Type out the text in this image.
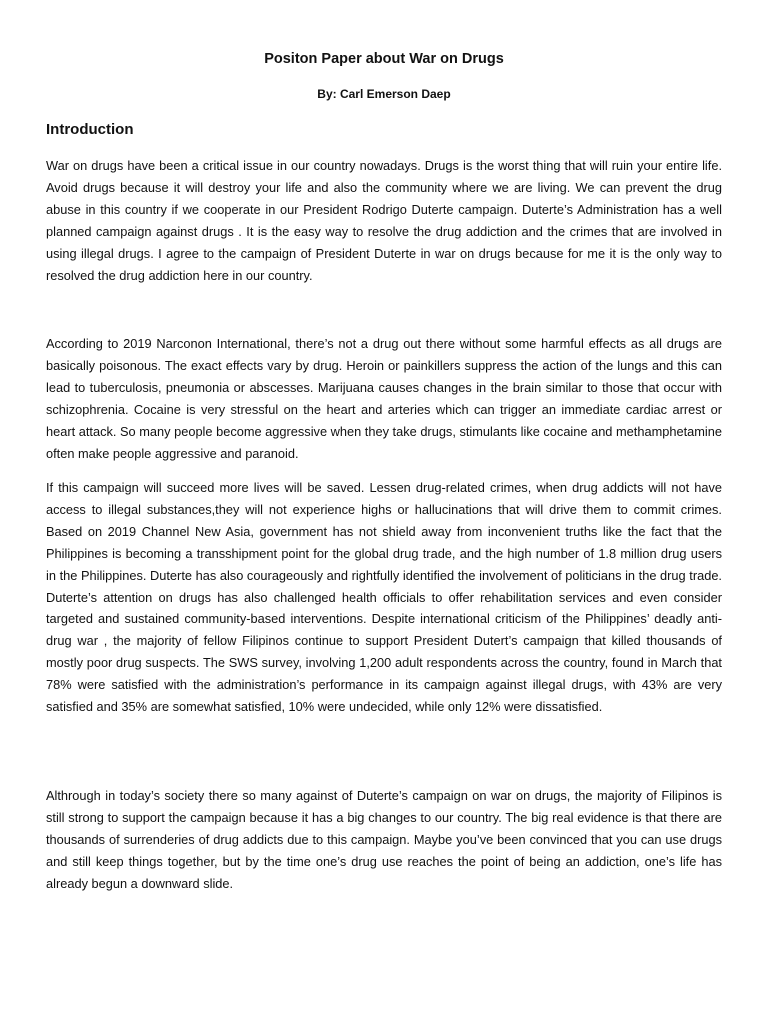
Positon Paper about War on Drugs

By: Carl Emerson Daep

Introduction

War on drugs have been a critical issue in our country nowadays. Drugs is the worst thing that will ruin your entire life. Avoid drugs because it will destroy your life and also the community where we are living. We can prevent the drug abuse in this country if we cooperate in our President Rodrigo Duterte campaign. Duterte’s Administration has a well planned campaign against drugs . It is the easy way to resolve the drug addiction and the crimes that are involved in using illegal drugs. I agree to the campaign of President Duterte in war on drugs because for me it is the only way to resolved the drug addiction here in our country.

According to 2019 Narconon International, there’s not a drug out there without some harmful effects as all drugs are basically poisonous. The exact effects vary by drug. Heroin or painkillers suppress the action of the lungs and this can lead to tuberculosis, pneumonia or abscesses. Marijuana causes changes in the brain similar to those that occur with schizophrenia. Cocaine is very stressful on the heart and arteries which can trigger an immediate cardiac arrest or heart attack. So many people become aggressive when they take drugs, stimulants like cocaine and methamphetamine often make people aggressive and paranoid.

If this campaign will succeed more lives will be saved. Lessen drug-related crimes, when drug addicts will not have access to illegal substances,they will not experience highs or hallucinations that will drive them to commit crimes. Based on 2019 Channel New Asia, government has not shield away from inconvenient truths like the fact that the Philippines is becoming a transshipment point for the global drug trade, and the high number of 1.8 million drug users in the Philippines. Duterte has also courageously and rightfully identified the involvement of politicians in the drug trade. Duterte’s attention on drugs has also challenged health officials to offer rehabilitation services and even consider targeted and sustained community-based interventions. Despite international criticism of the Philippines’ deadly anti-drug war , the majority of fellow Filipinos continue to support President Dutert’s campaign that killed thousands of mostly poor drug suspects. The SWS survey, involving 1,200 adult respondents across the country, found in March that 78% were satisfied with the administration’s performance in its campaign against illegal drugs, with 43% are very satisfied and 35% are somewhat satisfied, 10% were undecided, while only 12% were dissatisfied.

Althrough in today’s society there so many against of Duterte’s campaign on war on drugs, the majority of Filipinos is still strong to support the campaign because it has a big changes to our country. The big real evidence is that there are thousands of surrenderies of drug addicts due to this campaign. Maybe you’ve been convinced that you can use drugs and still keep things together, but by the time one’s drug use reaches the point of being an addiction, one’s life has already begun a downward slide.
